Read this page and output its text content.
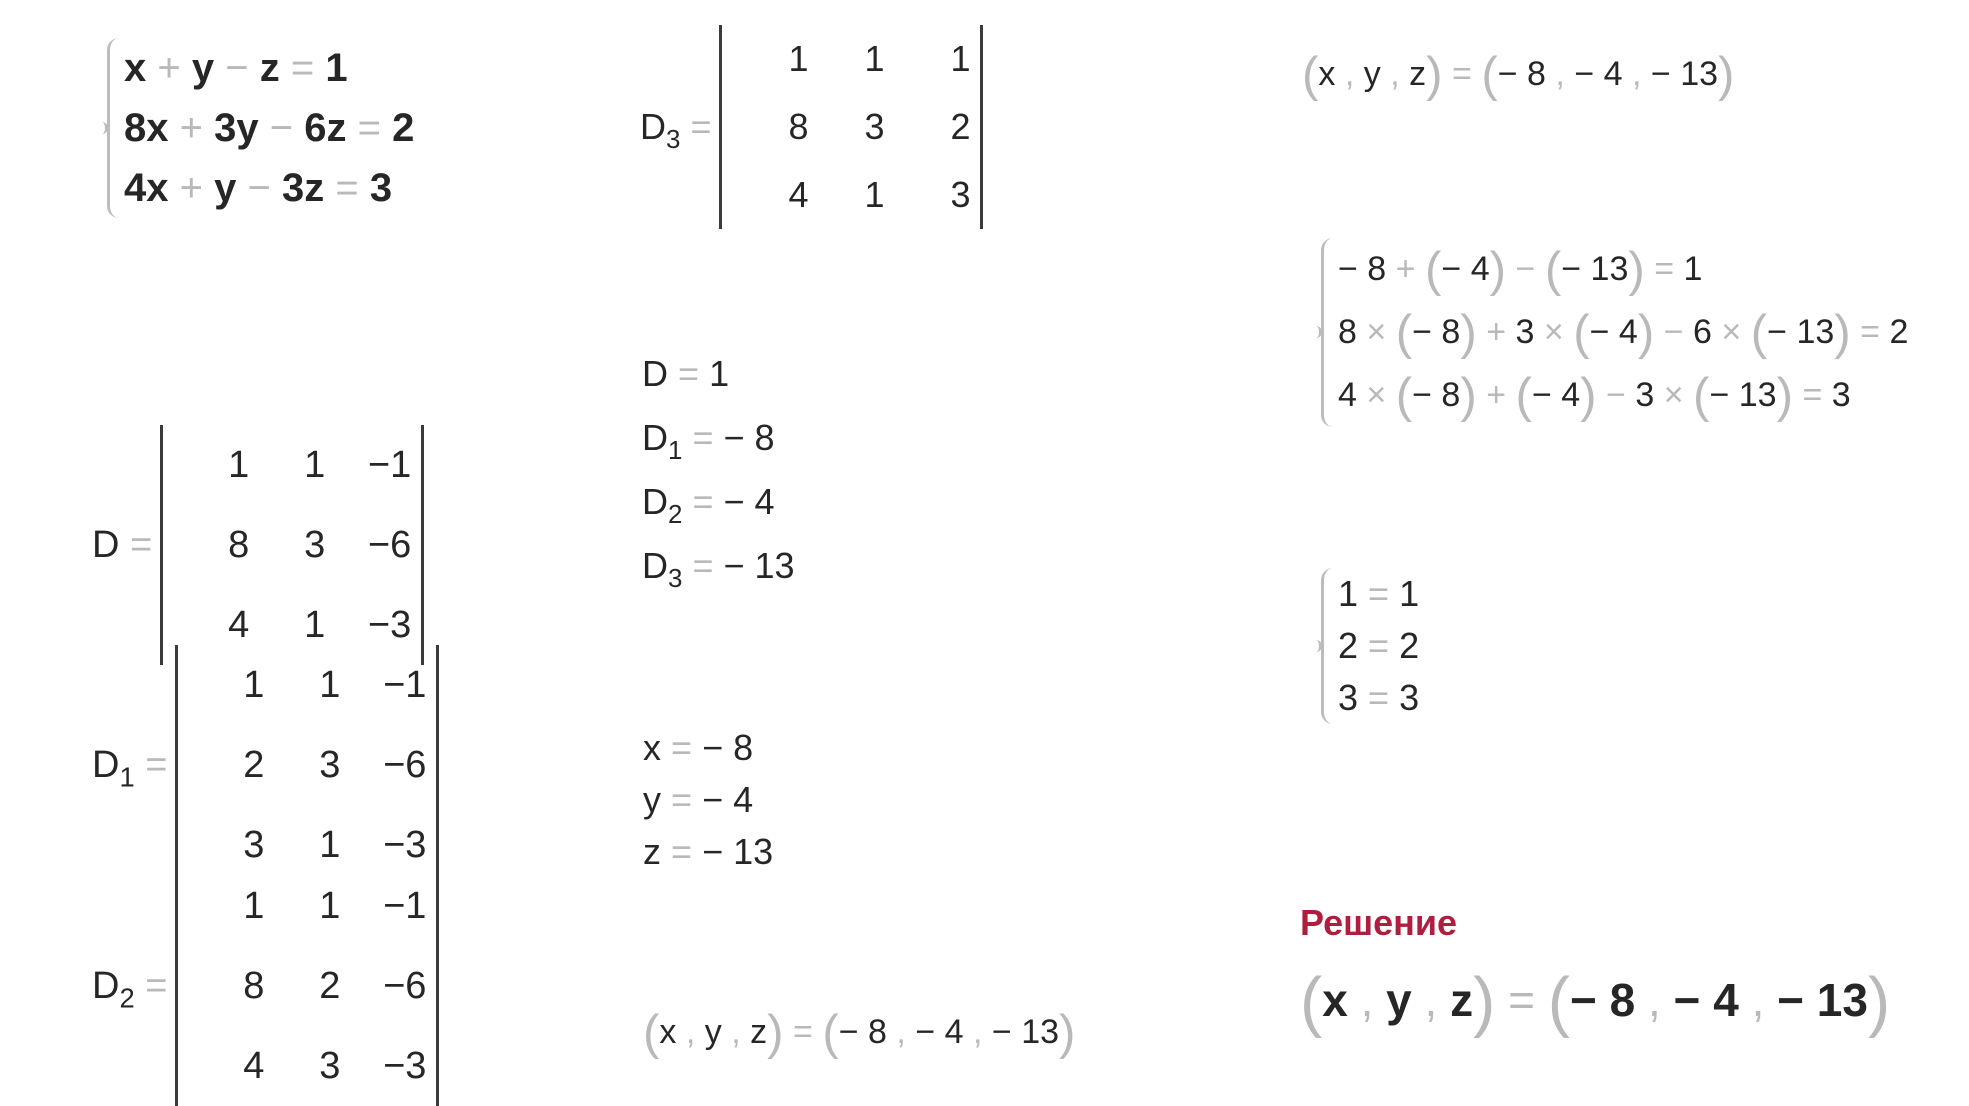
x + y − z = 1
8x + 3y − 6z = 2
4x + y − 3z = 3
D =
1	1	−1
8	3	−6
4	1	−3
$D_1$ =
1	1	−1
2	3	−6
3	1	−3
$D_2$ =
1	1	−1
8	2	−6
4	3	−3
$D_3$ =
1	1	1
8	3	2
4	1	3
D = 1
$D_1$ = − 8
$D_2$ = − 4
$D_3$ = − 13
x = − 8
y = − 4
z = − 13
(x , y , z) = (− 8 , − 4 , − 13)
(x , y , z) = (− 8 , − 4 , − 13)
− 8 + (− 4) − (− 13) = 1
8 × (− 8) + 3 × (− 4) − 6 × (− 13) = 2
4 × (− 8) + (− 4) − 3 × (− 13) = 3
1 = 1
2 = 2
3 = 3
Решение
(x , y , z) = (− 8 , − 4 , − 13)
